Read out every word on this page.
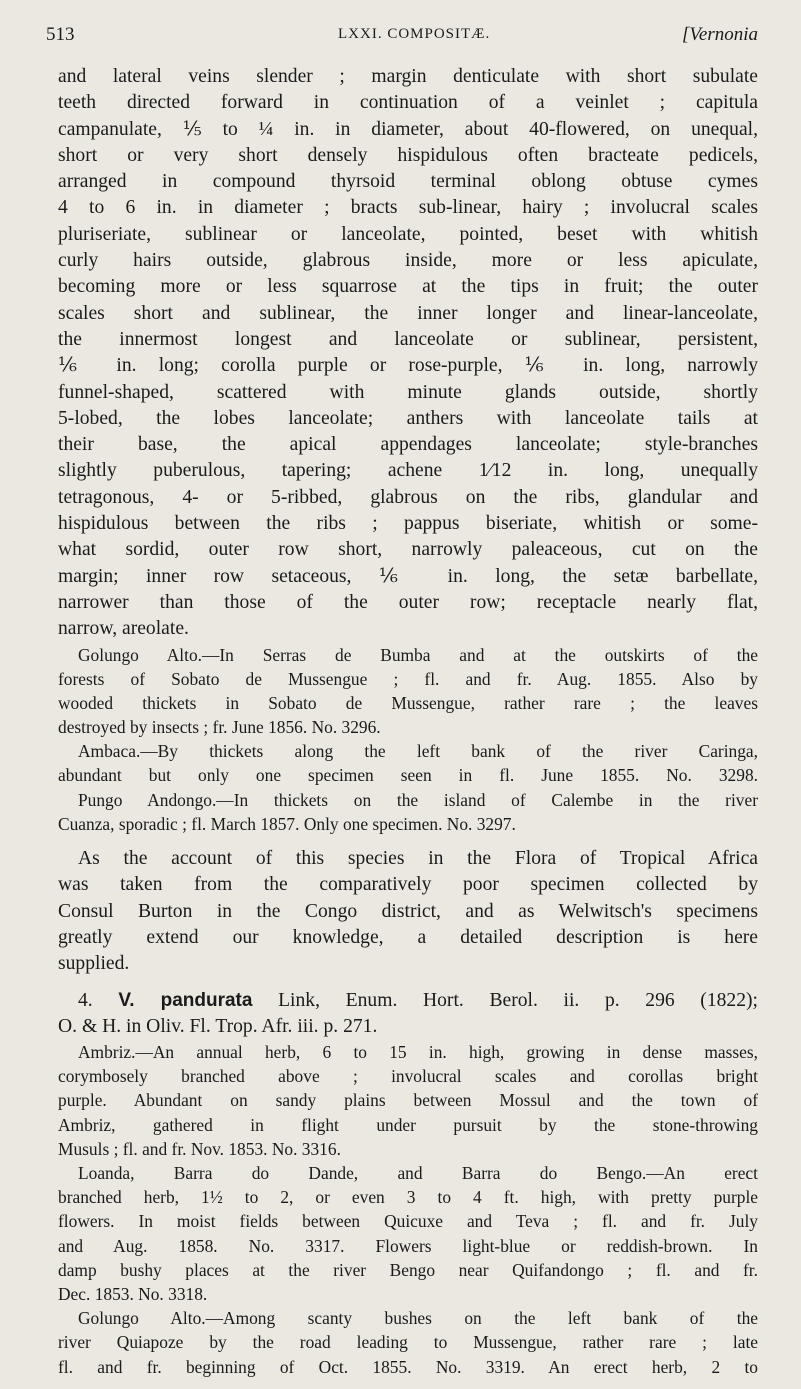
513	LXXI. COMPOSITÆ.	[Vernonia
and lateral veins slender ; margin denticulate with short subulate
teeth directed forward in continuation of a veinlet ; capitula
campanulate, ⅕ to ¼ in. in diameter, about 40-flowered, on unequal,
short or very short densely hispidulous often bracteate pedicels,
arranged in compound thyrsoid terminal oblong obtuse cymes
4 to 6 in. in diameter ; bracts sub-linear, hairy ; involucral scales
pluriseriate, sublinear or lanceolate, pointed, beset with whitish
curly hairs outside, glabrous inside, more or less apiculate,
becoming more or less squarrose at the tips in fruit; the outer
scales short and sublinear, the inner longer and linear-lanceolate,
the innermost longest and lanceolate or sublinear, persistent,
⅙ in. long; corolla purple or rose-purple, ⅙ in. long, narrowly
funnel-shaped, scattered with minute glands outside, shortly
5-lobed, the lobes lanceolate; anthers with lanceolate tails at
their base, the apical appendages lanceolate; style-branches
slightly puberulous, tapering; achene 1⁄12 in. long, unequally
tetragonous, 4- or 5-ribbed, glabrous on the ribs, glandular and
hispidulous between the ribs ; pappus biseriate, whitish or some-
what sordid, outer row short, narrowly paleaceous, cut on the
margin; inner row setaceous, ⅙ in. long, the setæ barbellate,
narrower than those of the outer row; receptacle nearly flat,
narrow, areolate.
Golungo Alto.—In Serras de Bumba and at the outskirts of the
forests of Sobato de Mussengue ; fl. and fr. Aug. 1855. Also by
wooded thickets in Sobato de Mussengue, rather rare ; the leaves
destroyed by insects ; fr. June 1856. No. 3296.
Ambaca.—By thickets along the left bank of the river Caringa,
abundant but only one specimen seen in fl. June 1855. No. 3298.
Pungo Andongo.—In thickets on the island of Calembe in the river
Cuanza, sporadic ; fl. March 1857. Only one specimen. No. 3297.
As the account of this species in the Flora of Tropical Africa
was taken from the comparatively poor specimen collected by
Consul Burton in the Congo district, and as Welwitsch's specimens
greatly extend our knowledge, a detailed description is here
supplied.
4. V. pandurata Link, Enum. Hort. Berol. ii. p. 296 (1822);
O. & H. in Oliv. Fl. Trop. Afr. iii. p. 271.
Ambriz.—An annual herb, 6 to 15 in. high, growing in dense masses,
corymbosely branched above ; involucral scales and corollas bright
purple. Abundant on sandy plains between Mossul and the town of
Ambriz, gathered in flight under pursuit by the stone-throwing
Musuls ; fl. and fr. Nov. 1853. No. 3316.
Loanda, Barra do Dande, and Barra do Bengo.—An erect
branched herb, 1½ to 2, or even 3 to 4 ft. high, with pretty purple
flowers. In moist fields between Quicuxe and Teva ; fl. and fr. July
and Aug. 1858. No. 3317. Flowers light-blue or reddish-brown. In
damp bushy places at the river Bengo near Quifandongo ; fl. and fr.
Dec. 1853. No. 3318.
Golungo Alto.—Among scanty bushes on the left bank of the
river Quiapoze by the road leading to Mussengue, rather rare ; late
fl. and fr. beginning of Oct. 1855. No. 3319. An erect herb, 2 to
